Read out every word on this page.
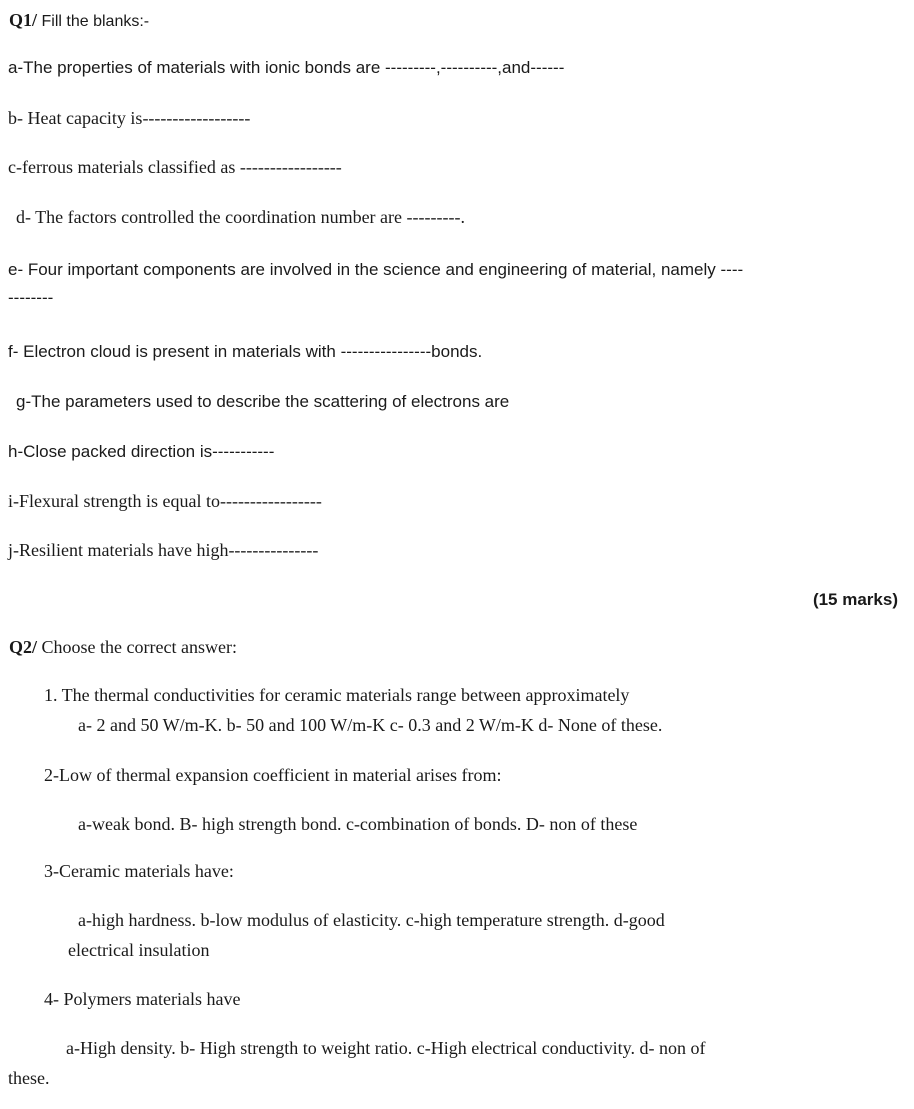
Q1/ Fill the blanks:-
a-The properties of materials with ionic bonds are ---------,----------,and------
b- Heat capacity is------------------
c-ferrous materials classified as -----------------
d- The factors controlled the coordination number are ---------.
e- Four important components are involved in the science and engineering of material, namely ----
--------
f- Electron cloud is present in materials with ----------------bonds.
g-The parameters used to describe the scattering of electrons are
h-Close packed direction is-----------
i-Flexural strength is equal to-----------------
j-Resilient materials have high---------------
(15 marks)
Q2/ Choose the correct answer:
1. The thermal conductivities for ceramic materials range between approximately
a- 2 and 50 W/m-K. b- 50 and 100 W/m-K c- 0.3 and 2 W/m-K d- None of these.
2-Low of thermal expansion coefficient in material arises from:
a-weak bond. B- high strength bond. c-combination of bonds. D- non of these
3-Ceramic materials have:
a-high hardness. b-low modulus of elasticity. c-high temperature strength. d-good
electrical insulation
4- Polymers materials have
a-High density. b- High strength to weight ratio. c-High electrical conductivity. d- non of
these.
